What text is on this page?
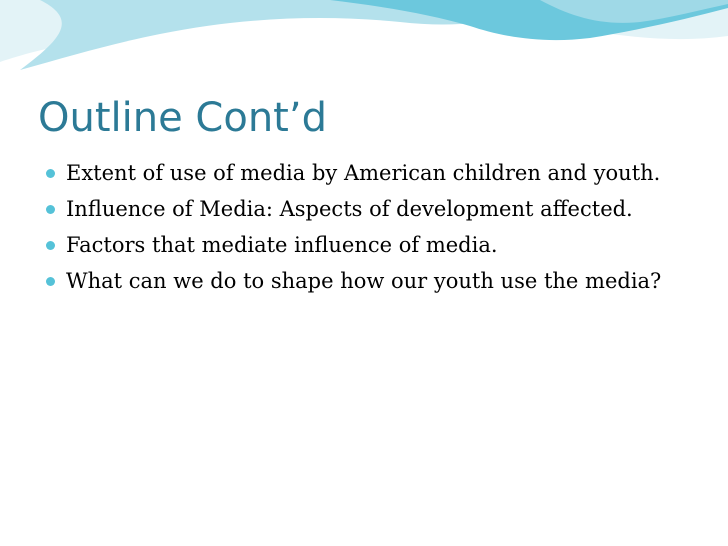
Outline Cont’d
Extent of use of media by American children and youth.
Influence of Media: Aspects of development affected.
Factors that mediate influence of media.
What can we do to shape how our youth use the media?
